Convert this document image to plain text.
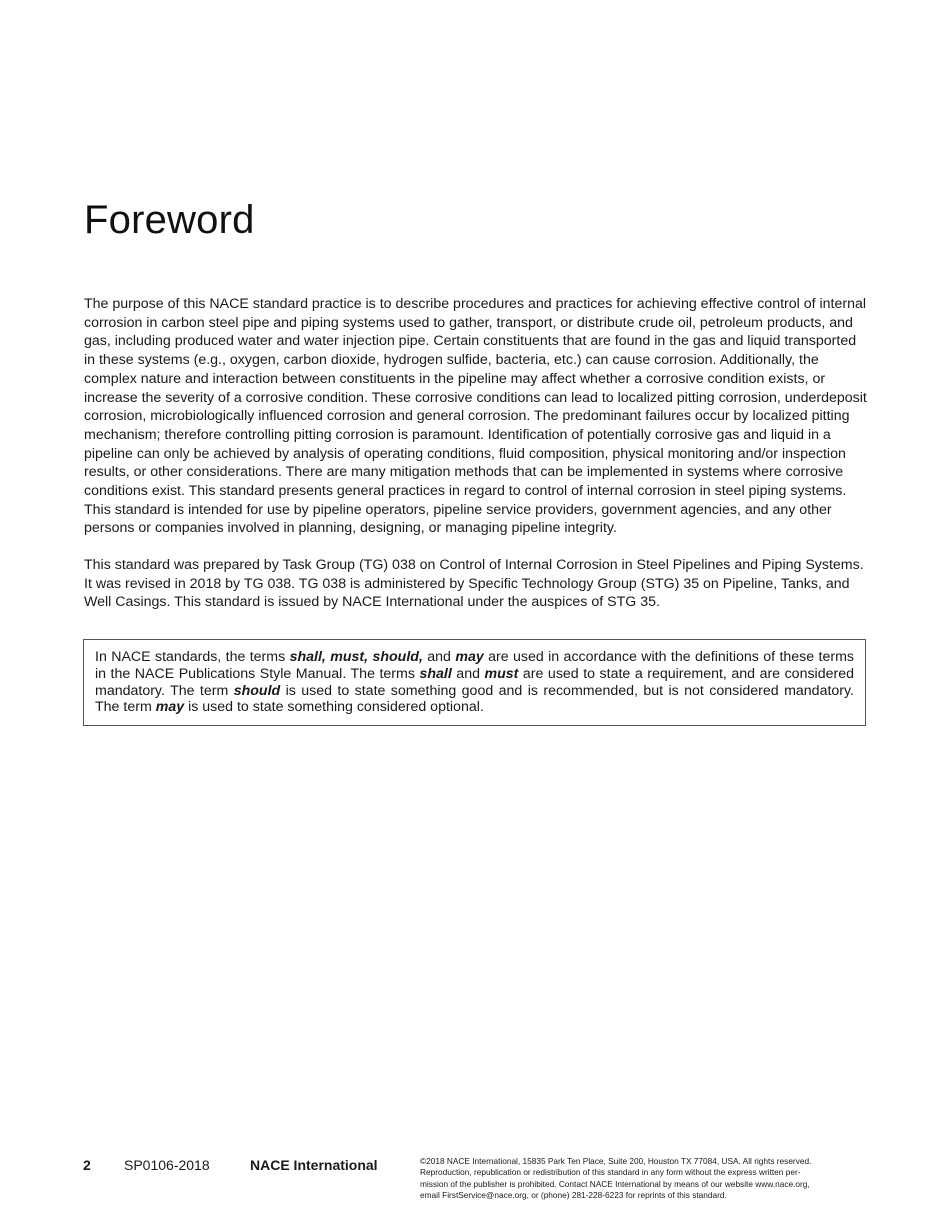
Foreword

The purpose of this NACE standard practice is to describe procedures and practices for achieving effective control of internal corrosion in carbon steel pipe and piping systems used to gather, transport, or distribute crude oil, petroleum products, and gas, including produced water and water injection pipe. Certain constituents that are found in the gas and liquid transported in these systems (e.g., oxygen, carbon dioxide, hydrogen sulfide, bacteria, etc.) can cause corrosion. Additionally, the complex nature and interaction between constituents in the pipeline may affect whether a corrosive condition exists, or increase the severity of a corrosive condition. These corrosive conditions can lead to localized pitting corrosion, underdeposit corrosion, microbiologically influenced corrosion and general corrosion. The predominant failures occur by localized pitting mechanism; therefore controlling pitting corrosion is paramount. Identification of potentially corrosive gas and liquid in a pipeline can only be achieved by analysis of operating conditions, fluid composition, physical monitoring and/or inspection results, or other considerations. There are many mitigation methods that can be implemented in systems where corrosive conditions exist. This standard presents general practices in regard to control of internal corrosion in steel piping systems. This standard is intended for use by pipeline operators, pipeline service providers, government agencies, and any other persons or companies involved in planning, designing, or managing pipeline integrity.

This standard was prepared by Task Group (TG) 038 on Control of Internal Corrosion in Steel Pipelines and Piping Systems. It was revised in 2018 by TG 038. TG 038 is administered by Specific Technology Group (STG) 35 on Pipeline, Tanks, and Well Casings. This standard is issued by NACE International under the auspices of STG 35.

In NACE standards, the terms shall, must, should, and may are used in accordance with the definitions of these terms in the NACE Publications Style Manual. The terms shall and must are used to state a requirement, and are considered mandatory. The term should is used to state something good and is recommended, but is not considered mandatory. The term may is used to state something considered optional.
2 SP0106-2018	NACE International	©2018 NACE International, 15835 Park Ten Place, Suite 200, Houston TX 77084, USA. All rights reserved.
Reproduction, republication or redistribution of this standard in any form without the express written per-
mission of the publisher is prohibited. Contact NACE International by means of our website www.nace.org,
email FirstService@nace.org, or (phone) 281-228-6223 for reprints of this standard.
